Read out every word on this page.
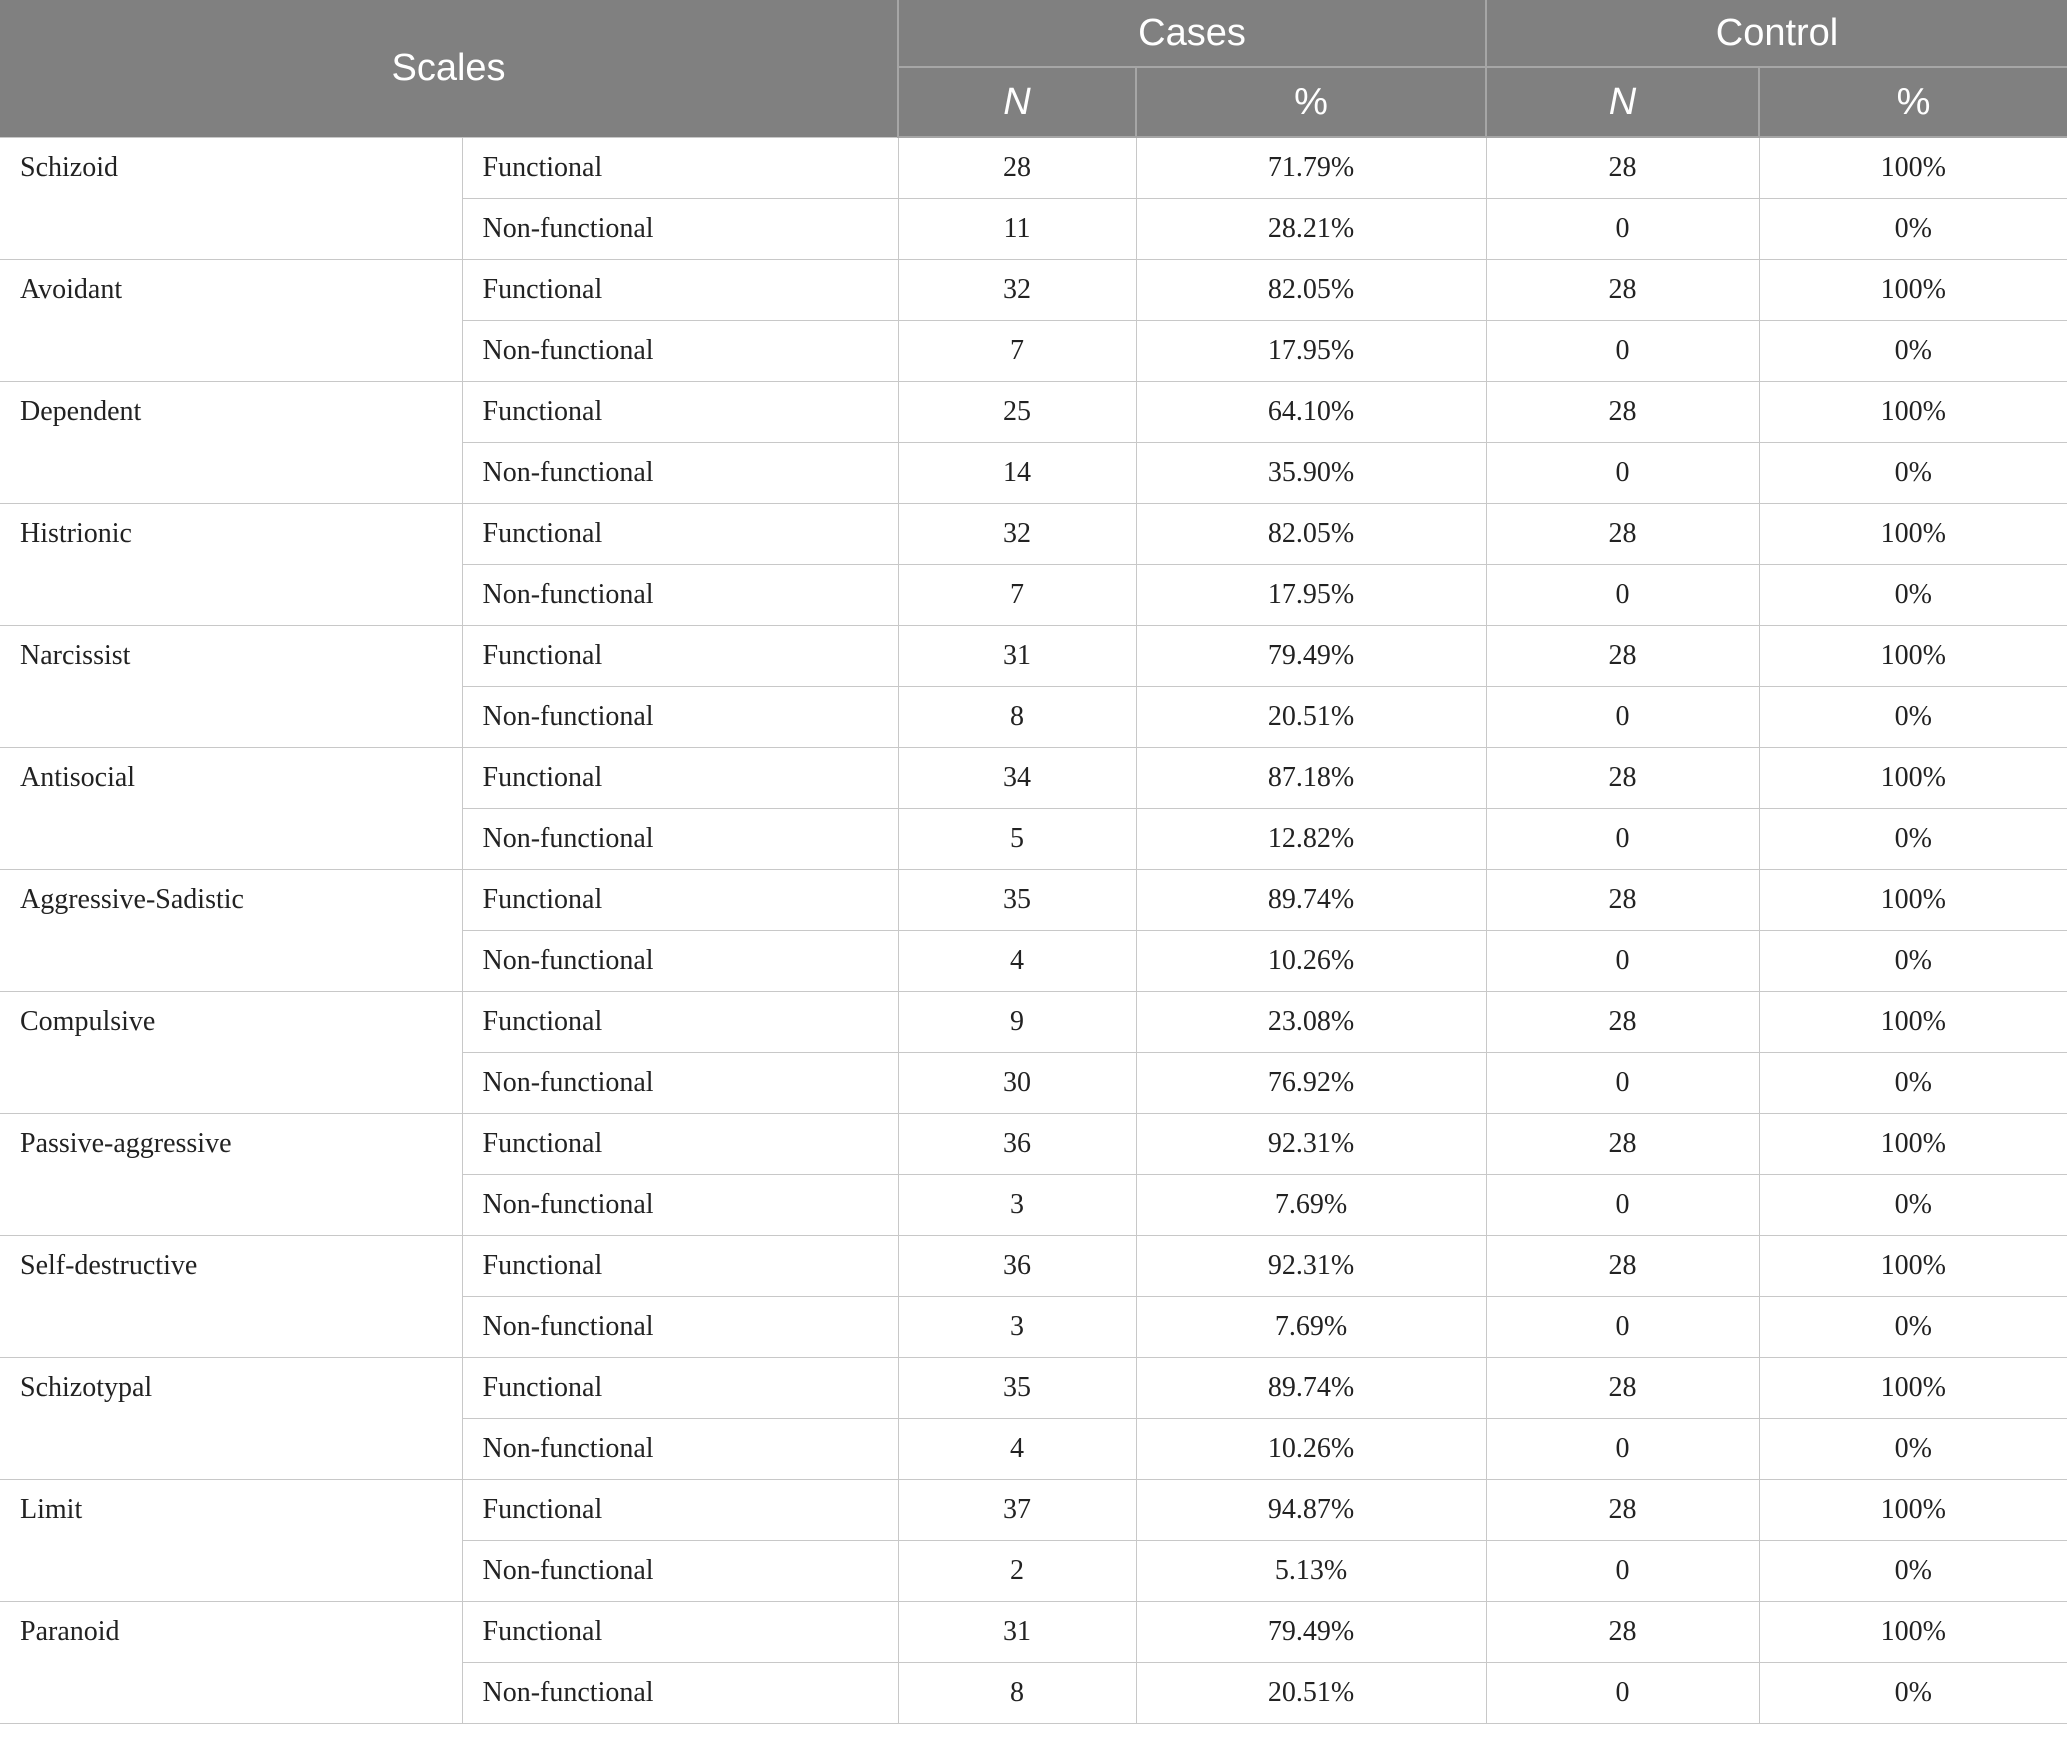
Scales		Cases		Control	
		N	%	N	%
Schizoid	Functional	28	71.79%	28	100%
	Non-functional	11	28.21%	0	0%
Avoidant	Functional	32	82.05%	28	100%
	Non-functional	7	17.95%	0	0%
Dependent	Functional	25	64.10%	28	100%
	Non-functional	14	35.90%	0	0%
Histrionic	Functional	32	82.05%	28	100%
	Non-functional	7	17.95%	0	0%
Narcissist	Functional	31	79.49%	28	100%
	Non-functional	8	20.51%	0	0%
Antisocial	Functional	34	87.18%	28	100%
	Non-functional	5	12.82%	0	0%
Aggressive-Sadistic	Functional	35	89.74%	28	100%
	Non-functional	4	10.26%	0	0%
Compulsive	Functional	9	23.08%	28	100%
	Non-functional	30	76.92%	0	0%
Passive-aggressive	Functional	36	92.31%	28	100%
	Non-functional	3	7.69%	0	0%
Self-destructive	Functional	36	92.31%	28	100%
	Non-functional	3	7.69%	0	0%
Schizotypal	Functional	35	89.74%	28	100%
	Non-functional	4	10.26%	0	0%
Limit	Functional	37	94.87%	28	100%
	Non-functional	2	5.13%	0	0%
Paranoid	Functional	31	79.49%	28	100%
	Non-functional	8	20.51%	0	0%
